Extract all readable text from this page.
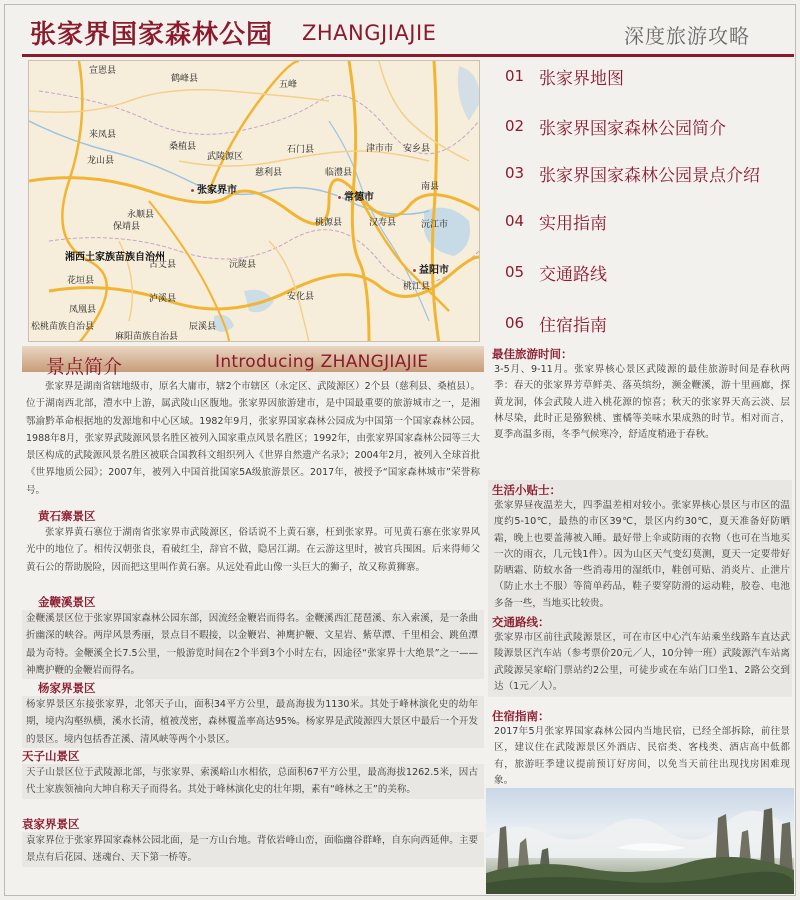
张家界国家森林公园 ZHANGJIAJIE	深度旅游攻略
宣恩县
来凤县
龙山县
桑植县
武陵源区
慈利县
张家界市
石门县
临澧县
津市市
常德市
安乡县
南县
鹤峰县
五峰
保靖县
永顺县
桃源县	汉寿县	沅江市
湘西土家族苗族自治州
花垣县
古丈县	沅陵县	益阳市
桃江县
凤凰县
泸溪县	安化县
松桃苗族自治县	辰溪县
麻阳苗族自治县
01 张家界地图
02 张家界国家森林公园简介
03 张家界国家森林公园景点介绍
04 实用指南
05 交通路线
06 住宿指南
景点简介	Introducing ZHANGJIAJIE

张家界是湖南省辖地级市，原名大庸市，辖2个市辖区（永定区、武陵源区）2个县（慈利县、桑植县）。位于湖南西北部，澧水中上游，属武陵山区腹地。张家界因旅游建市，是中国最重要的旅游城市之一，是湘鄂渝黔革命根据地的发源地和中心区域。1982年9月，张家界国家森林公园成为中国第一个国家森林公园。1988年8月，张家界武陵源风景名胜区被列入国家重点风景名胜区；1992年，由张家界国家森林公园等三大景区构成的武陵源风景名胜区被联合国教科文组织列入《世界自然遗产名录》；2004年2月，被列入全球首批《世界地质公园》；2007年，被列入中国首批国家5A级旅游景区。2017年，被授予“国家森林城市”荣誉称号。

黄石寨景区

张家界黄石寨位于湖南省张家界市武陵源区，俗话说不上黄石寨，枉到张家界。可见黄石寨在张家界风光中的地位了。相传汉朝张良，看破红尘，辞官不做，隐居江湖。在云游这里时，被官兵围困。后来得师父黄石公的帮助脱险，因而把这里叫作黄石寨。从远处看此山像一头巨大的狮子，故又称黄狮寨。

金鞭溪景区

金鞭溪景区位于张家界国家森林公园东部，因流经金鞭岩而得名。金鞭溪西汇琵琶溪、东入索溪，是一条曲折幽深的峡谷。两岸风景秀丽，景点目不暇接，以金鞭岩、神鹰护鞭、文星岩、紫草潭、千里相会、跳鱼潭最为奇特。金鞭溪全长7.5公里，一般游览时间在2个半到3个小时左右，因途径“张家界十大绝景”之一——神鹰护鞭的金鞭岩而得名。

杨家界景区

杨家界景区东接张家界，北邻天子山，面积34平方公里，最高海拔为1130米。其处于峰林演化史的幼年期，境内沟壑纵横，溪水长清，植被茂密，森林覆盖率高达95%。杨家界是武陵源四大景区中最后一个开发的景区。境内包括香芷溪、清风峡等两个小景区。

天子山景区

天子山景区位于武陵源北部，与张家界、索溪峪山水相依，总面积67平方公里，最高海拔1262.5米，因古代土家族领袖向大坤自称天子而得名。其处于峰林演化史的壮年期，素有“峰林之王”的美称。

袁家界景区

袁家界位于张家界国家森林公园北面，是一方山台地。背依岩峰山峦，面临幽谷群峰，自东向西延伸。主要景点有后花园、迷魂台、天下第一桥等。

最佳旅游时间：

3-5月、9-11月。张家界核心景区武陵源的最佳旅游时间是春秋两季：春天的张家界芳草鲜美、落英缤纷，濒金鞭溪，游十里画廊，探黄龙洞，体会武陵人进入桃花源的惊喜；秋天的张家界天高云淡、层林尽染，此时正是猕猴桃、蜜橘等美味水果成熟的时节。相对而言，夏季高温多雨，冬季气候寒冷，舒适度稍逊于春秋。

生活小贴士：

张家界昼夜温差大，四季温差相对较小。张家界核心景区与市区的温度约5-10℃，最热的市区39℃，景区内约30℃，夏天准备好防晒霜，晚上也要盖薄被入睡。最好带上伞或防雨的衣物（也可在当地买一次的雨衣，几元钱1件）。因为山区天气变幻莫测，夏天一定要带好防晒霜、防蚊水备一些消毒用的湿纸巾，鞋创可贴、消炎片、止泄片（防止水土不服）等简单药品，鞋子要穿防滑的运动鞋，胶卷、电池多备一些，当地买比较贵。

交通路线：

张家界市区前往武陵源景区，可在市区中心汽车站乘坐线路车直达武陵源景区汽车站（参考票价20元／人，10分钟一班）武陵源汽车站离武陵源吴家峪门票站约2公里，可徒步或在车站门口坐1、2路公交到达（1元／人）。

住宿指南：

2017年5月张家界国家森林公园内当地民宿，已经全部拆除，前往景区，建议住在武陵源景区外酒店、民宿类、客栈类、酒店高中低都有，旅游旺季建议提前预订好房间，以免当天前往出现找房困难现象。
